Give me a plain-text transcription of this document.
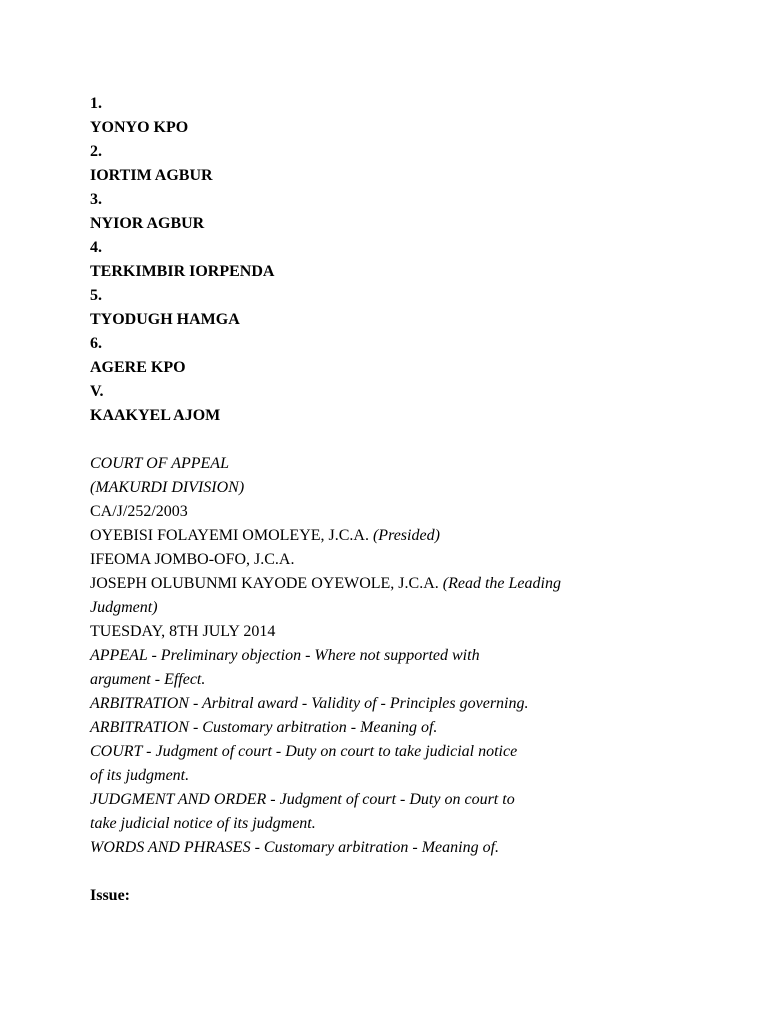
1.
YONYO KPO
2.
IORTIM AGBUR
3.
NYIOR AGBUR
4.
TERKIMBIR IORPENDA
5.
TYODUGH HAMGA
6.
AGERE KPO
V.
KAAKYEL AJOM
COURT OF APPEAL
(MAKURDI DIVISION)
CA/J/252/2003
OYEBISI FOLAYEMI OMOLEYE, J.C.A. (Presided)
IFEOMA JOMBO-OFO, J.C.A.
JOSEPH OLUBUNMI KAYODE OYEWOLE, J.C.A. (Read the Leading
Judgment)
TUESDAY, 8TH JULY 2014
APPEAL - Preliminary objection - Where not supported with
argument - Effect.
ARBITRATION - Arbitral award - Validity of - Principles governing.
ARBITRATION - Customary arbitration - Meaning of.
COURT - Judgment of court - Duty on court to take judicial notice
of its judgment.
JUDGMENT AND ORDER - Judgment of court - Duty on court to
take judicial notice of its judgment.
WORDS AND PHRASES - Customary arbitration - Meaning of.
Issue:
